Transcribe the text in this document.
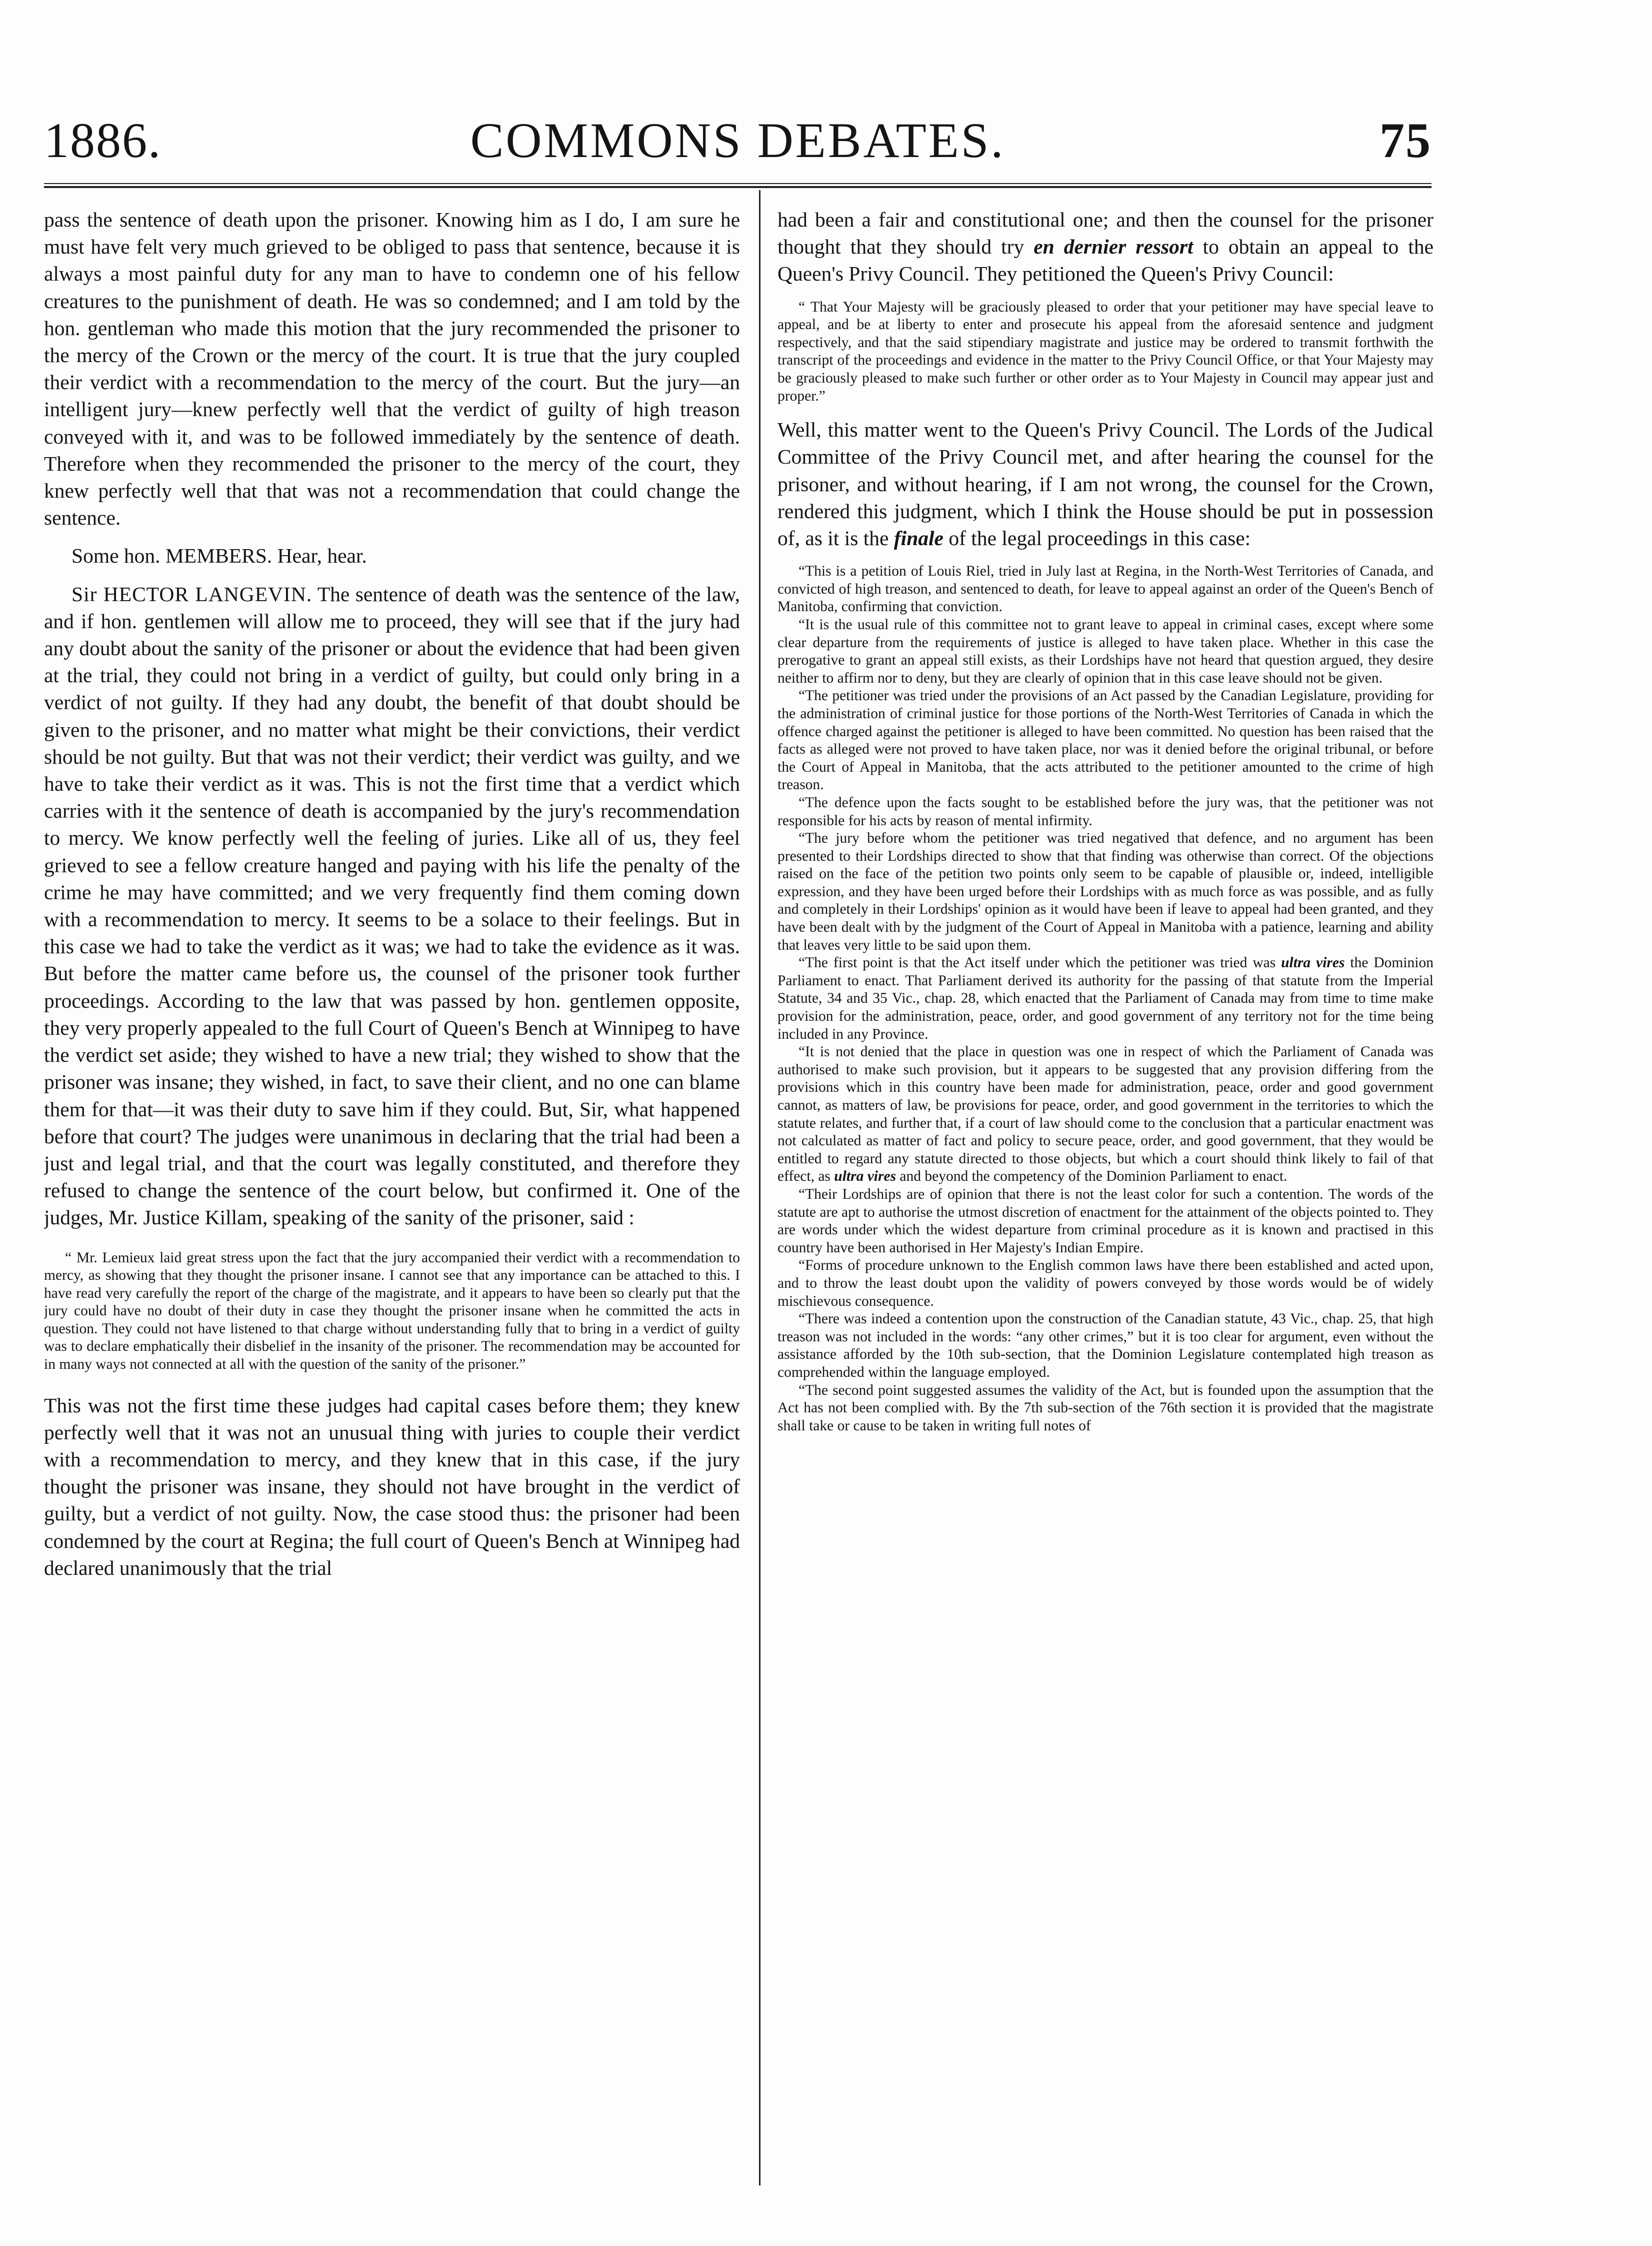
1886.	COMMONS DEBATES.	75

pass the sentence of death upon the prisoner. Knowing him as I do, I am sure he must have felt very much grieved to be obliged to pass that sentence, because it is always a most painful duty for any man to have to condemn one of his fellow creatures to the punishment of death. He was so condemned; and I am told by the hon. gentleman who made this motion that the jury recommended the prisoner to the mercy of the Crown or the mercy of the court. It is true that the jury coupled their verdict with a recommendation to the mercy of the court. But the jury—an intelligent jury—knew perfectly well that the verdict of guilty of high treason conveyed with it, and was to be followed immediately by the sentence of death. Therefore when they recommended the prisoner to the mercy of the court, they knew perfectly well that that was not a recommendation that could change the sentence.

Some hon. MEMBERS. Hear, hear.

Sir HECTOR LANGEVIN. The sentence of death was the sentence of the law, and if hon. gentlemen will allow me to proceed, they will see that if the jury had any doubt about the sanity of the prisoner or about the evidence that had been given at the trial, they could not bring in a verdict of guilty, but could only bring in a verdict of not guilty. If they had any doubt, the benefit of that doubt should be given to the prisoner, and no matter what might be their convictions, their verdict should be not guilty. But that was not their verdict; their verdict was guilty, and we have to take their verdict as it was. This is not the first time that a verdict which carries with it the sentence of death is accompanied by the jury's recommendation to mercy. We know perfectly well the feeling of juries. Like all of us, they feel grieved to see a fellow creature hanged and paying with his life the penalty of the crime he may have committed; and we very frequently find them coming down with a recommendation to mercy. It seems to be a solace to their feelings. But in this case we had to take the verdict as it was; we had to take the evidence as it was. But before the matter came before us, the counsel of the prisoner took further proceedings. According to the law that was passed by hon. gentlemen opposite, they very properly appealed to the full Court of Queen's Bench at Winnipeg to have the verdict set aside; they wished to have a new trial; they wished to show that the prisoner was insane; they wished, in fact, to save their client, and no one can blame them for that—it was their duty to save him if they could. But, Sir, what happened before that court? The judges were unanimous in declaring that the trial had been a just and legal trial, and that the court was legally constituted, and therefore they refused to change the sentence of the court below, but confirmed it. One of the judges, Mr. Justice Killam, speaking of the sanity of the prisoner, said :

“ Mr. Lemieux laid great stress upon the fact that the jury accompanied their verdict with a recommendation to mercy, as showing that they thought the prisoner insane. I cannot see that any importance can be attached to this. I have read very carefully the report of the charge of the magistrate, and it appears to have been so clearly put that the jury could have no doubt of their duty in case they thought the prisoner insane when he committed the acts in question. They could not have listened to that charge without understanding fully that to bring in a verdict of guilty was to declare emphatically their disbelief in the insanity of the prisoner. The recommendation may be accounted for in many ways not connected at all with the question of the sanity of the prisoner.”

This was not the first time these judges had capital cases before them; they knew perfectly well that it was not an unusual thing with juries to couple their verdict with a recommendation to mercy, and they knew that in this case, if the jury thought the prisoner was insane, they should not have brought in the verdict of guilty, but a verdict of not guilty. Now, the case stood thus: the prisoner had been condemned by the court at Regina; the full court of Queen's Bench at Winnipeg had declared unanimously that the trial

had been a fair and constitutional one; and then the counsel for the prisoner thought that they should try en dernier ressort to obtain an appeal to the Queen's Privy Council. They petitioned the Queen's Privy Council:

“ That Your Majesty will be graciously pleased to order that your petitioner may have special leave to appeal, and be at liberty to enter and prosecute his appeal from the aforesaid sentence and judgment respectively, and that the said stipendiary magistrate and justice may be ordered to transmit forthwith the transcript of the proceedings and evidence in the matter to the Privy Council Office, or that Your Majesty may be graciously pleased to make such further or other order as to Your Majesty in Council may appear just and proper.”

Well, this matter went to the Queen's Privy Council. The Lords of the Judical Committee of the Privy Council met, and after hearing the counsel for the prisoner, and without hearing, if I am not wrong, the counsel for the Crown, rendered this judgment, which I think the House should be put in possession of, as it is the finale of the legal proceedings in this case:

“This is a petition of Louis Riel, tried in July last at Regina, in the North-West Territories of Canada, and convicted of high treason, and sentenced to death, for leave to appeal against an order of the Queen's Bench of Manitoba, confirming that conviction.

“It is the usual rule of this committee not to grant leave to appeal in criminal cases, except where some clear departure from the requirements of justice is alleged to have taken place. Whether in this case the prerogative to grant an appeal still exists, as their Lordships have not heard that question argued, they desire neither to affirm nor to deny, but they are clearly of opinion that in this case leave should not be given.

“The petitioner was tried under the provisions of an Act passed by the Canadian Legislature, providing for the administration of criminal justice for those portions of the North-West Territories of Canada in which the offence charged against the petitioner is alleged to have been committed. No question has been raised that the facts as alleged were not proved to have taken place, nor was it denied before the original tribunal, or before the Court of Appeal in Manitoba, that the acts attributed to the petitioner amounted to the crime of high treason.

“The defence upon the facts sought to be established before the jury was, that the petitioner was not responsible for his acts by reason of mental infirmity.

“The jury before whom the petitioner was tried negatived that defence, and no argument has been presented to their Lordships directed to show that that finding was otherwise than correct. Of the objections raised on the face of the petition two points only seem to be capable of plausible or, indeed, intelligible expression, and they have been urged before their Lordships with as much force as was possible, and as fully and completely in their Lordships' opinion as it would have been if leave to appeal had been granted, and they have been dealt with by the judgment of the Court of Appeal in Manitoba with a patience, learning and ability that leaves very little to be said upon them.

“The first point is that the Act itself under which the petitioner was tried was ultra vires the Dominion Parliament to enact. That Parliament derived its authority for the passing of that statute from the Imperial Statute, 34 and 35 Vic., chap. 28, which enacted that the Parliament of Canada may from time to time make provision for the administration, peace, order, and good government of any territory not for the time being included in any Province.

“It is not denied that the place in question was one in respect of which the Parliament of Canada was authorised to make such provision, but it appears to be suggested that any provision differing from the provisions which in this country have been made for administration, peace, order and good government cannot, as matters of law, be provisions for peace, order, and good government in the territories to which the statute relates, and further that, if a court of law should come to the conclusion that a particular enactment was not calculated as matter of fact and policy to secure peace, order, and good government, that they would be entitled to regard any statute directed to those objects, but which a court should think likely to fail of that effect, as ultra vires and beyond the competency of the Dominion Parliament to enact.

“Their Lordships are of opinion that there is not the least color for such a contention. The words of the statute are apt to authorise the utmost discretion of enactment for the attainment of the objects pointed to. They are words under which the widest departure from criminal procedure as it is known and practised in this country have been authorised in Her Majesty's Indian Empire.

“Forms of procedure unknown to the English common laws have there been established and acted upon, and to throw the least doubt upon the validity of powers conveyed by those words would be of widely mischievous consequence.

“There was indeed a contention upon the construction of the Canadian statute, 43 Vic., chap. 25, that high treason was not included in the words: “any other crimes,” but it is too clear for argument, even without the assistance afforded by the 10th sub-section, that the Dominion Legislature contemplated high treason as comprehended within the language employed.

“The second point suggested assumes the validity of the Act, but is founded upon the assumption that the Act has not been complied with. By the 7th sub-section of the 76th section it is provided that the magistrate shall take or cause to be taken in writing full notes of
